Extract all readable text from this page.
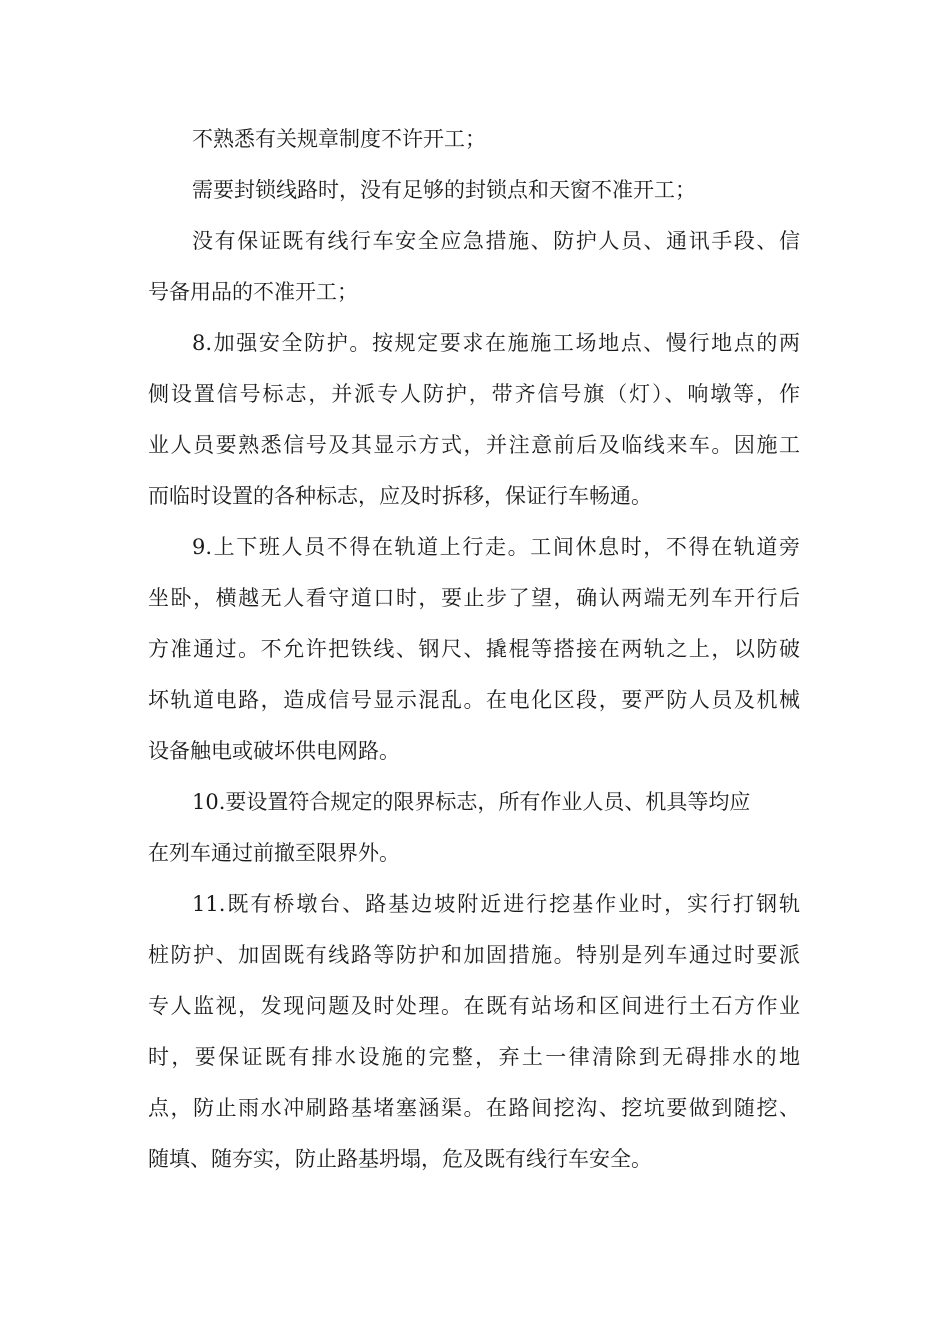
不熟悉有关规章制度不许开工；
需要封锁线路时，没有足够的封锁点和天窗不准开工；
没有保证既有线行车安全应急措施、防护人员、通讯手段、信
号备用品的不准开工；
8.加强安全防护。按规定要求在施施工场地点、慢行地点的两
侧设置信号标志，并派专人防护，带齐信号旗（灯）、响墩等，作
业人员要熟悉信号及其显示方式，并注意前后及临线来车。因施工
而临时设置的各种标志，应及时拆移，保证行车畅通。
9.上下班人员不得在轨道上行走。工间休息时，不得在轨道旁
坐卧，横越无人看守道口时，要止步了望，确认两端无列车开行后
方准通过。不允许把铁线、钢尺、撬棍等搭接在两轨之上，以防破
坏轨道电路，造成信号显示混乱。在电化区段，要严防人员及机械
设备触电或破坏供电网路。
10.要设置符合规定的限界标志，所有作业人员、机具等均应
在列车通过前撤至限界外。
11.既有桥墩台、路基边坡附近进行挖基作业时，实行打钢轨
桩防护、加固既有线路等防护和加固措施。特别是列车通过时要派
专人监视，发现问题及时处理。在既有站场和区间进行土石方作业
时，要保证既有排水设施的完整，弃土一律清除到无碍排水的地
点，防止雨水冲刷路基堵塞涵渠。在路间挖沟、挖坑要做到随挖、
随填、随夯实，防止路基坍塌，危及既有线行车安全。
